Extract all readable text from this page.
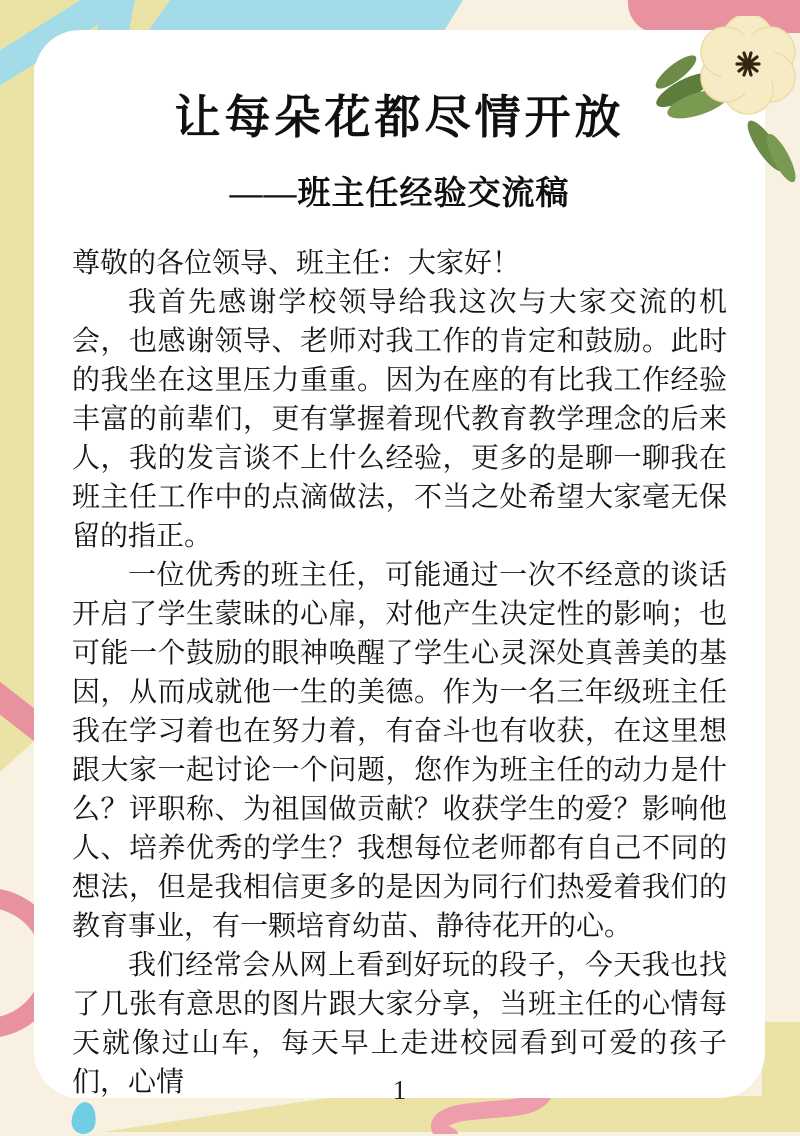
让每朵花都尽情开放
——班主任经验交流稿

尊敬的各位领导、班主任：大家好！

我首先感谢学校领导给我这次与大家交流的机会，也感谢领导、老师对我工作的肯定和鼓励。此时的我坐在这里压力重重。因为在座的有比我工作经验丰富的前辈们，更有掌握着现代教育教学理念的后来人，我的发言谈不上什么经验，更多的是聊一聊我在班主任工作中的点滴做法，不当之处希望大家毫无保留的指正。

一位优秀的班主任，可能通过一次不经意的谈话开启了学生蒙昧的心扉，对他产生决定性的影响；也可能一个鼓励的眼神唤醒了学生心灵深处真善美的基因，从而成就他一生的美德。作为一名三年级班主任我在学习着也在努力着，有奋斗也有收获，在这里想跟大家一起讨论一个问题，您作为班主任的动力是什么？评职称、为祖国做贡献？收获学生的爱？影响他人、培养优秀的学生？我想每位老师都有自己不同的想法，但是我相信更多的是因为同行们热爱着我们的教育事业，有一颗培育幼苗、静待花开的心。

我们经常会从网上看到好玩的段子，今天我也找了几张有意思的图片跟大家分享，当班主任的心情每天就像过山车，每天早上走进校园看到可爱的孩子们，心情	1
